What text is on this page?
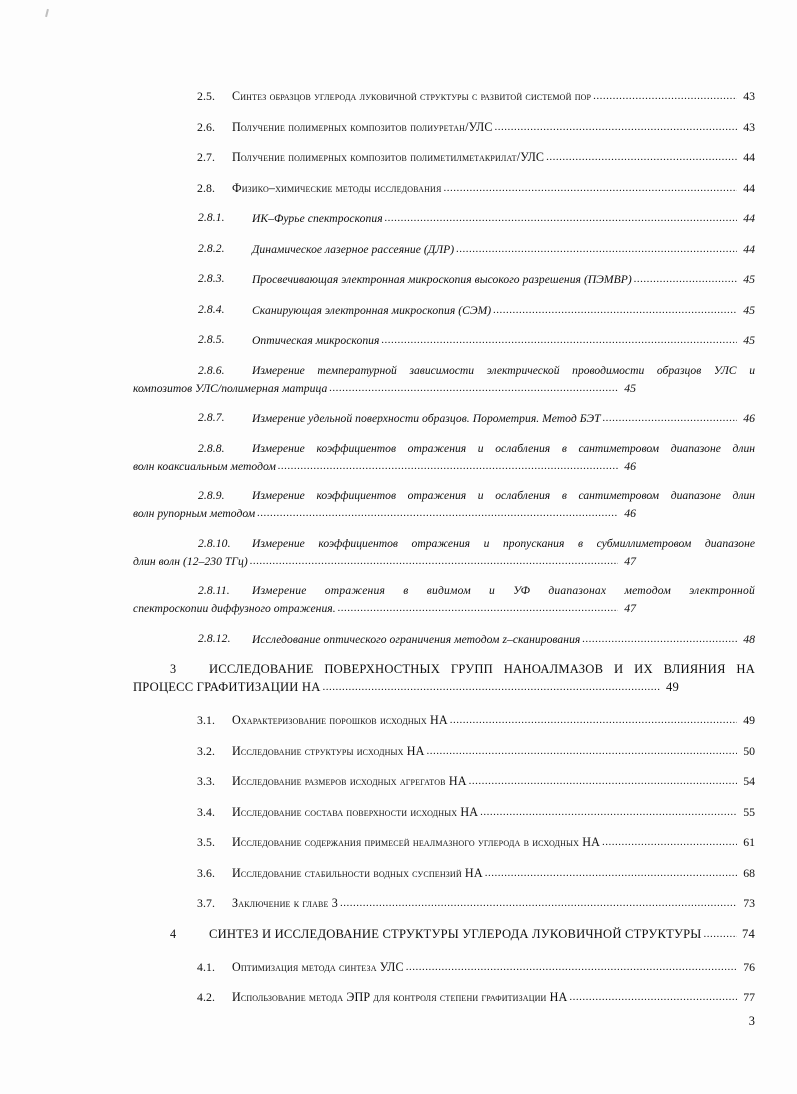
2.5. Синтез образцов углерода луковичной структуры с развитой системой пор .....	43
2.6. Получение полимерных композитов полиуретан/УЛС .....	43
2.7. Получение полимерных композитов полиметилметакрилат/УЛС .....	44
2.8. Физико–химические методы исследования .....	44
2.8.1. ИК–Фурье спектроскопия .....	44
2.8.2. Динамическое лазерное рассеяние (ДЛР) .....	44
2.8.3. Просвечивающая электронная микроскопия высокого разрешения (ПЭМВР) .....	45
2.8.4. Сканирующая электронная микроскопия (СЭМ) .....	45
2.8.5. Оптическая микроскопия .....	45
2.8.6. Измерение температурной зависимости электрической проводимости образцов УЛС и
композитов УЛС/полимерная матрица .....	45
2.8.7. Измерение удельной поверхности образцов. Порометрия. Метод БЭТ .....	46
2.8.8. Измерение коэффициентов отражения и ослабления в сантиметровом диапазоне длин
волн коаксиальным методом .....	46
2.8.9. Измерение коэффициентов отражения и ослабления в сантиметровом диапазоне длин
волн рупорным методом .....	46
2.8.10. Измерение коэффициентов отражения и пропускания в субмиллиметровом диапазоне
длин волн (12–230 ТГц) .....	47
2.8.11. Измерение отражения в видимом и УФ диапазонах методом электронной
спектроскопии диффузного отражения. .....	47
2.8.12. Исследование оптического ограничения методом z–сканирования .....	48
3	ИССЛЕДОВАНИЕ ПОВЕРХНОСТНЫХ ГРУПП НАНОАЛМАЗОВ И ИХ ВЛИЯНИЯ НА
ПРОЦЕСС ГРАФИТИЗАЦИИ НА .....	49
3.1. Охарактеризование порошков исходных НА .....	49
3.2. Исследование структуры исходных НА .....	50
3.3. Исследование размеров исходных агрегатов НА .....	54
3.4. Исследование состава поверхности исходных НА .....	55
3.5. Исследование содержания примесей неалмазного углерода в исходных НА .....	61
3.6. Исследование стабильности водных суспензий НА .....	68
3.7. Заключение к главе 3 .....	73
4	СИНТЕЗ И ИССЛЕДОВАНИЕ СТРУКТУРЫ УГЛЕРОДА ЛУКОВИЧНОЙ СТРУКТУРЫ .....	74
4.1. Оптимизация метода синтеза УЛС .....	76
4.2. Использование метода ЭПР для контроля степени графитизации НА .....	77
3
